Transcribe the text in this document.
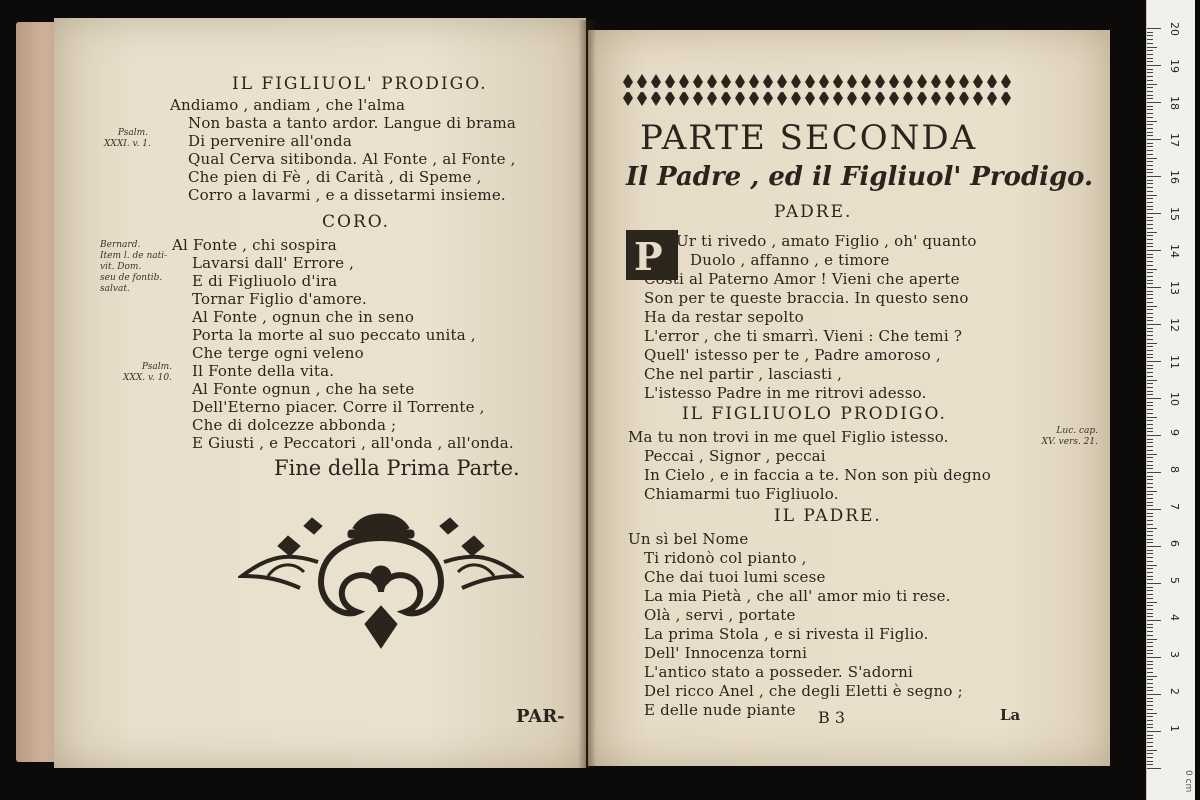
IL FIGLIUOL' PRODIGO.
Andiamo , andiam , che l'alma
Non basta a tanto ardor. Langue di brama
Di pervenire all'onda
Qual Cerva sitibonda. Al Fonte , al Fonte ,
Che pien di Fè , di Carità , di Speme ,
Corro a lavarmi , e a dissetarmi insieme.
Psalm.
XXXI. v. 1.
CORO.
Bernard.
Item l. de nati-
vit. Dom.
seu de fontib.
salvat.
Al Fonte , chi sospira
Lavarsi dall' Errore ,
E di Figliuolo d'ira
Tornar Figlio d'amore.
Al Fonte , ognun che in seno
Porta la morte al suo peccato unita ,
Che terge ogni veleno
Il Fonte della vita.
Al Fonte ognun , che ha sete
Dell'Eterno piacer. Corre il Torrente ,
Che di dolcezze abbonda ;
E Giusti , e Peccatori , all'onda , all'onda.
Psalm.
XXX. v. 10.
Fine della Prima Parte.
PAR-
PARTE SECONDA
Il Padre , ed il Figliuol' Prodigo.
PADRE.
P Ur ti rivedo , amato Figlio , oh' quanto
Duolo , affanno , e timore
Costi al Paterno Amor ! Vieni che aperte
Son per te queste braccia. In questo seno
Ha da restar sepolto
L'error , che ti smarrì. Vieni : Che temi ?
Quell' istesso per te , Padre amoroso ,
Che nel partir , lasciasti ,
L'istesso Padre in me ritrovi adesso.
IL FIGLIUOLO PRODIGO.
Ma tu non trovi in me quel Figlio istesso.
Peccai , Signor , peccai
In Cielo , e in faccia a te. Non son più degno
Chiamarmi tuo Figliuolo.
Luc. cap.
XV. vers. 21.
IL PADRE.
Un sì bel Nome
Ti ridonò col pianto ,
Che dai tuoi lumi scese
La mia Pietà , che all' amor mio ti rese.
Olà , servi , portate
La prima Stola , e si rivesta il Figlio.
Dell' Innocenza torni
L'antico stato a posseder. S'adorni
Del ricco Anel , che degli Eletti è segno ;
E delle nude piante B 3	La
20
19
18
17
16
15
14
13
12
11
10
9
8
7
6
5
4
3
2
1
0 cm
